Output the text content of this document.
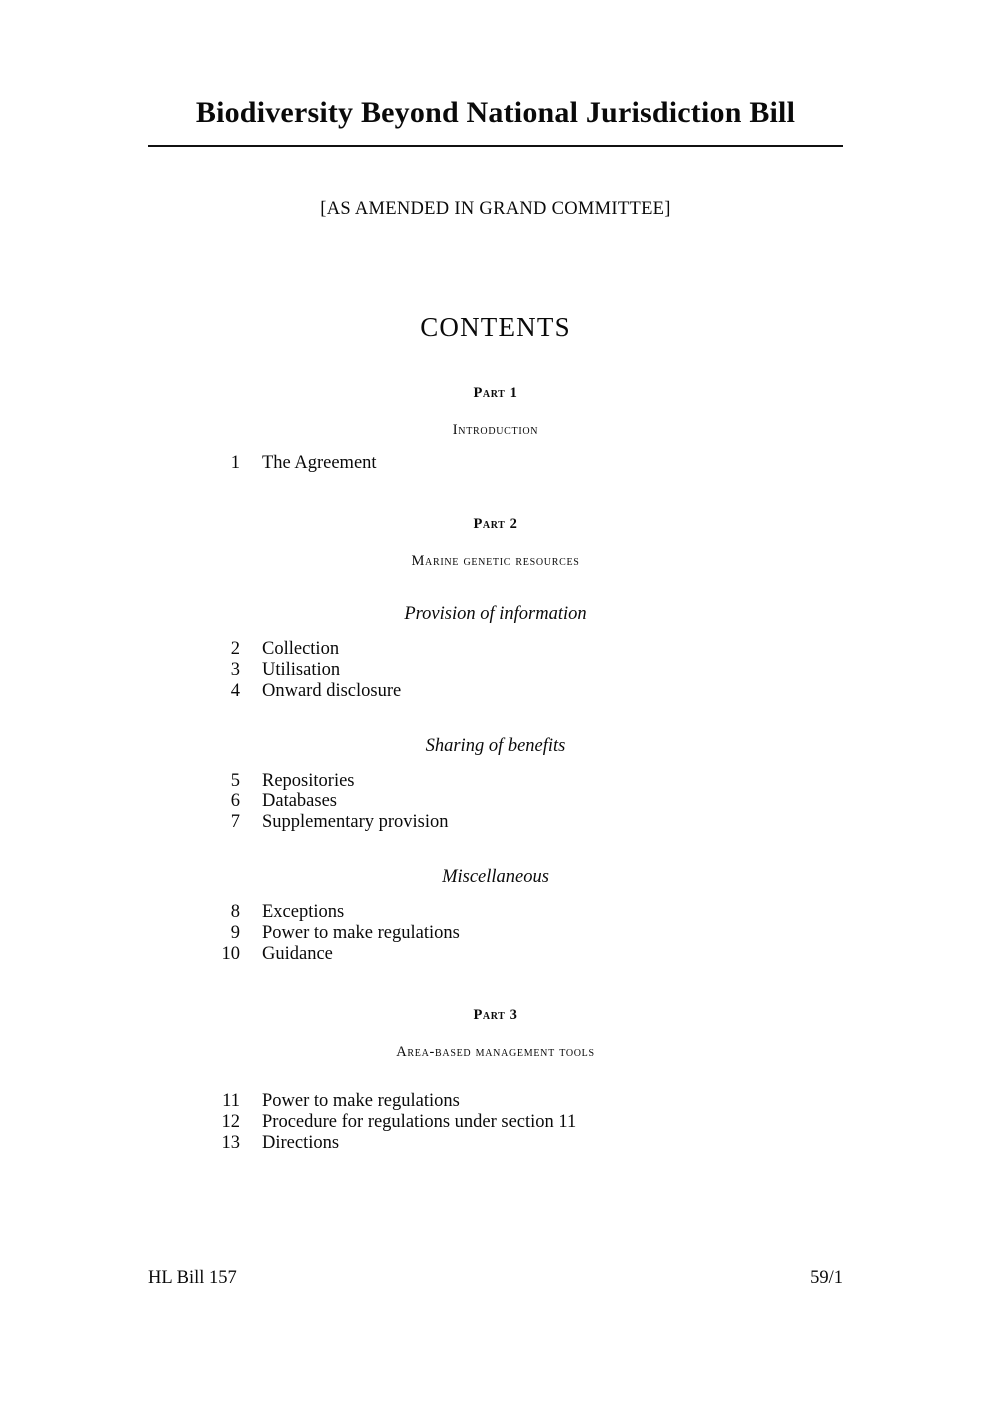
Biodiversity Beyond National Jurisdiction Bill
[AS AMENDED IN GRAND COMMITTEE]
CONTENTS
Part 1
Introduction
1	The Agreement
Part 2
Marine genetic resources
Provision of information
2	Collection
3	Utilisation
4	Onward disclosure
Sharing of benefits
5	Repositories
6	Databases
7	Supplementary provision
Miscellaneous
8	Exceptions
9	Power to make regulations
10	Guidance
Part 3
Area-based management tools
11	Power to make regulations
12	Procedure for regulations under section 11
13	Directions
HL Bill 157	59/1
